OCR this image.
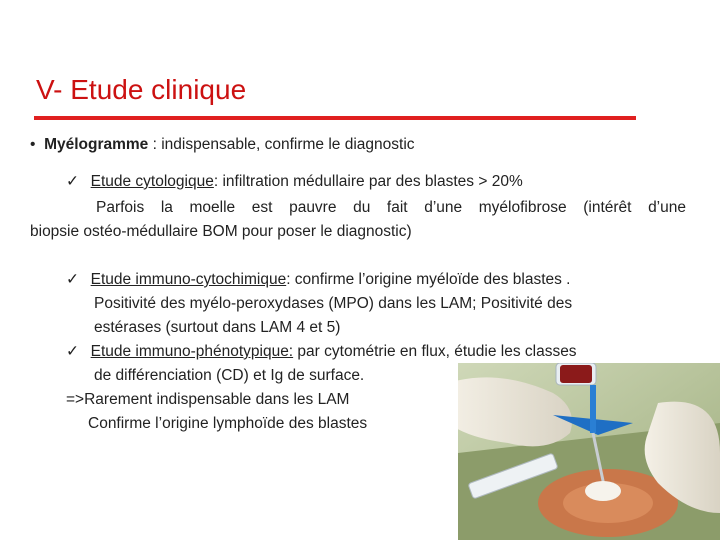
V- Etude clinique
• Myélogramme : indispensable, confirme le diagnostic
✓ Etude cytologique: infiltration médullaire par des blastes > 20%
Parfois la moelle est pauvre du fait d’une myélofibrose (intérêt d’une
biopsie ostéo-médullaire BOM pour poser le diagnostic)
✓ Etude immuno-cytochimique: confirme l’origine myéloïde des blastes .
Positivité des myélo-peroxydases (MPO) dans les LAM; Positivité des
estérases (surtout dans LAM 4 et 5)
✓ Etude immuno-phénotypique: par cytométrie en flux, étudie les classes
de différenciation (CD) et Ig de surface.
=>Rarement indispensable dans les LAM
Confirme l’origine lymphoïde des blastes
